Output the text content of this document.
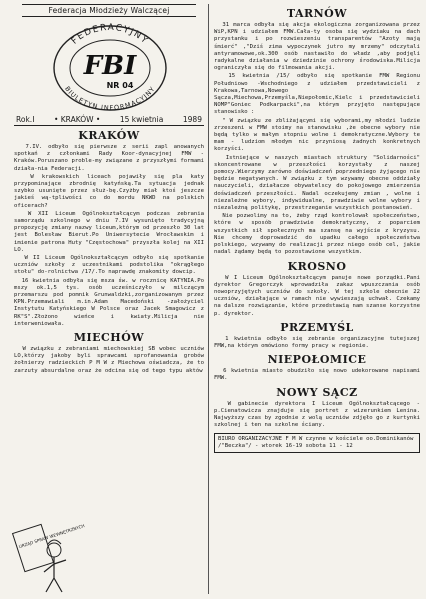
Federacja Młodzieży Walczącej
FEDERACYJNY
BIULETYN INFORMACYJNY
FBI
NR 04
Rok.I	• KRAKÓW •	15 kwietnia	1989
KRAKÓW

7.IV. odbyło się pierwsze z serii zapl anowanych spotkań z członkami Rady Koor-dynacyjnej FMW -Kraków.Poruszano proble-my związane z przyszłymi formami działa-nia Federacji.

W krakowskich liceach pojawiły się pla katy przypominające zbrodnię katyńską.Ta sytuacja jednak szybko usunięte przez służ-bę.Czyżby miał ktoś jeszcze jakieś wą-tpliwości co do mordu NKWD na polskich oficerach?

W XII Liceum Ogólnokształcącym podczas zebrania samorządu szkolnego w dniu 7.IV wysunięto tradycyjną propozycję zmiany nazwy liceum,którym od przeszło 30 lat jest Bolesław Bierut.Po Uniwersytecie Wrocławskim i imienie patrona Huty "Częstochowa" przyszła kolej na XII LO.

W II Liceum Ogólnokształcącym odbyło się spotkanie uczniów szkoły z uczestnikami podstolika "okrągłego stołu" do-rolnictwa /17/.To naprawdę znakomity dowcip.

16 kwietnia odbyła się msza św. w rocznicę KATYNIA.Po mszy ok.1,5 tys. osób ucześniczyło w milczącym przemarszu pod pomnik Grunwaldzki,zorganizowanym przez KPN.Przemawiali m.in.Adam Macedoński -założyciel Instytutu Katyńskiego W Polsce oraz Jacek Smagowicz z RK"S".Złożono wieńce i kwiaty.Milicja nie interweniowała.

MIECHÓW

W związku z zebraniami miechowskiej SB wobec uczniów LO,którzy jakoby byli sprawcami sprofanowania grobów żołnierzy radzieckich P M W z Miechowa oświadcza, że to zarzuty absurdalne oraz że odcina się od tego typu aktów

URZĄD SPRAW WEWNĘTRZNYCH
TARNÓW

31 marca odbyła się akcja ekologiczna zorganizowana przez WiP,KPN i udziałem FMW.Cała-ty osoba się wydziaku na dach przystanku i po rozwieszeniu transparentów "Azoty mają śmierć" ,"Dziś zima wypoczynek jutro my mrzemy" odczytali antyramowowe,ok.300 osób nastawiło do władz ,aby podjęli radykalne działania w dziedzinie ochrony środowiska.Milicja ograniczyła się do filmowania akcji.

15 kwietnia /15/ odbyło się spotkanie FMW Regionu Południowo -Wschodniego z udziałem przedstawicieli z Krakowa,Tarnowa,Nowego Sącza,Miechowa,Przemyśla,Niepołomic,Kielc i przedstawicieli NOMP"Goniec Podkarpacki",na którym przyjęto następujące stanowisko :

" W związku ze zbliżającymi się wyborami,my młodzi ludzie zrzeszeni w FMW stoimy na stanowisku ,że obecne wybory nie będą tylko w małym stopniu wolne i demokratyczne.Wybory te mam - ludziom młodym nic przyniosą żadnych konkretnych korzyści.

Istniejące w naszych miastach struktury "Solidarności" skoncentrowane w przeszłości korzystały z naszej pomocy.Wierzymy zarówno doświadczeń poprzedniego żyjącego nie będzie negatywnych. W związku z tym wzywamy obecne oddziały nauczycieli, działacze obywatelscy do pokojowego zmierzenia doświadczeń przeszłości. Nadal oczekujemy zmian , wolne i niezależne wybory, indywidualne, prawdziwie wolne wybory i niezależną politykę, przestrzeganie wszystkich postanowień.

Nie pozwolimy na to, żeby rząd kontrolował społeczeństwo, które w sposób prawdziwie demokratyczny, z poparciem wszystkich sił społecznych ma szansę na wyjście z kryzysu. Nie chcemy doprowadzić do upadku całego społeczeństwa polskiego, wzywamy do realizacji przez niego osób cel, jakie nadal żądamy będą to pozostawione wszystkim.

KROSNO

W I Liceum Ogólnokształcącym panuje nowe porządki.Pani dyrektor Gregorczyk wprowadziła zakaz wpuszczania osób nowoprzyjętych uczniów do szkoły. W tej szkole obecnie 22 uczniów, działające w ramach nie wywieszają uchwał. Czekamy na dalsze rozwiązanie, które przedstawią nam szanse korzystne p. dyrektor.

PRZEMYŚL

1 kwietnia odbyło się zebranie organizacyjne tutejszej FMW,na którym omówiono formy pracy w regionie.

NIEPOŁOMICE

6 kwietnia miasto obudziło się nowo udekorowane napisami FMW.

NOWY SĄCZ

W gabinecie dyrektora I Liceum Ogólnokształcącego - p.Cienatowicza znajduje się portret z wizerunkiem Lenina. Najwyższy czas by zgodnie z wolą uczniów zdjęło go z kurtynki szkolnej i ten na szkolne ściany.

BIURO ORGANIZACYJNE F M W czynne w kościele oo.Dominikanów /"Beczka"/ - wtorek 16-19 sobota 11 - 12
